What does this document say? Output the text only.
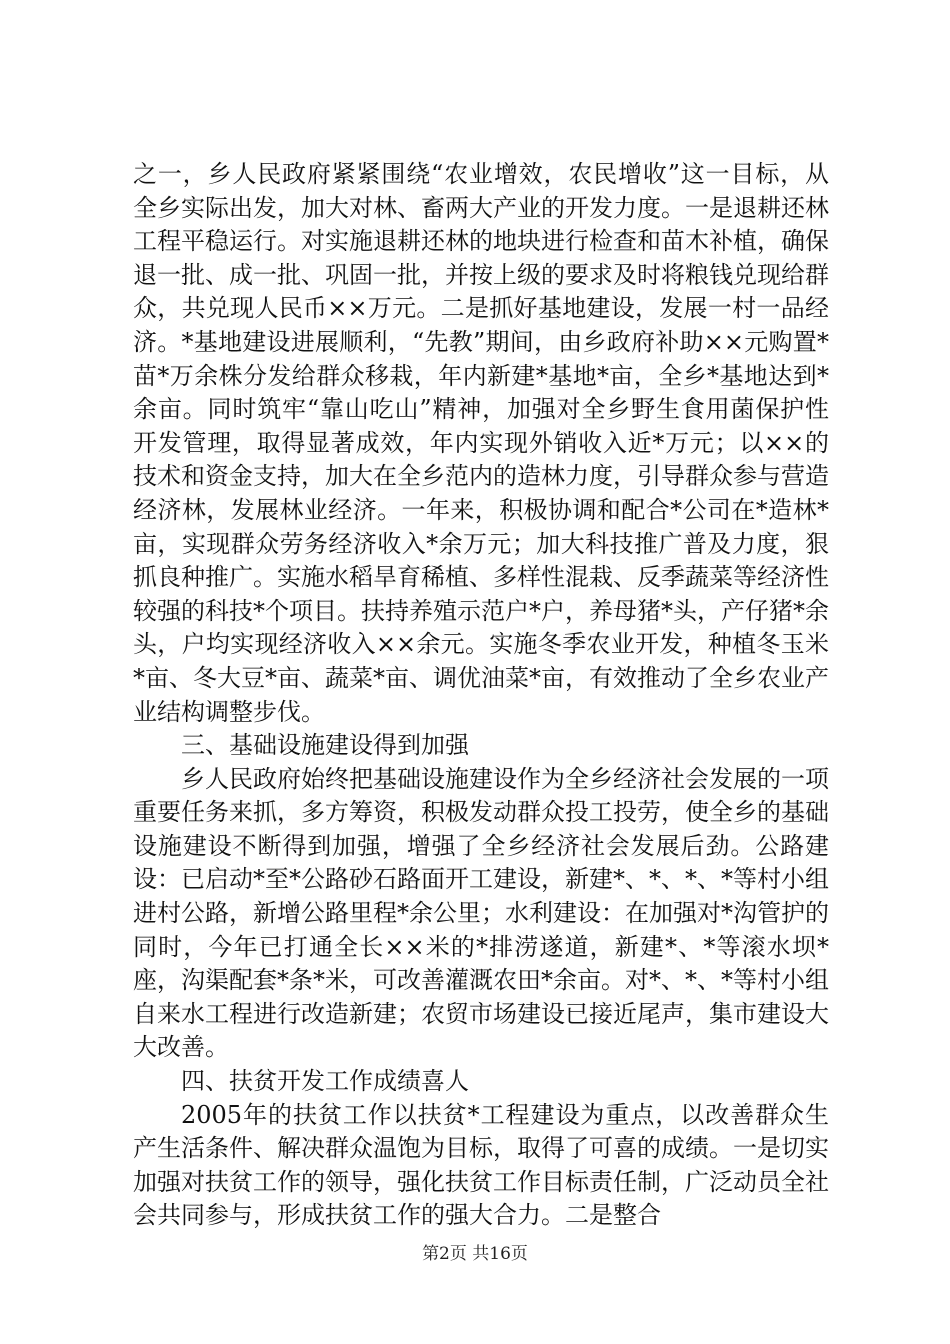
之一，乡人民政府紧紧围绕“农业增效，农民增收”这一目标，从全乡实际出发，加大对林、畜两大产业的开发力度。一是退耕还林工程平稳运行。对实施退耕还林的地块进行检查和苗木补植，确保退一批、成一批、巩固一批，并按上级的要求及时将粮钱兑现给群众，共兑现人民币××万元。二是抓好基地建设，发展一村一品经济。*基地建设进展顺利，“先教”期间，由乡政府补助××元购置*苗*万余株分发给群众移栽，年内新建*基地*亩，全乡*基地达到*余亩。同时筑牢“靠山吃山”精神，加强对全乡野生食用菌保护性开发管理，取得显著成效，年内实现外销收入近*万元；以××的技术和资金支持，加大在全乡范内的造林力度，引导群众参与营造经济林，发展林业经济。一年来，积极协调和配合*公司在*造林*亩，实现群众劳务经济收入*余万元；加大科技推广普及力度，狠抓良种推广。实施水稻旱育稀植、多样性混栽、反季蔬菜等经济性较强的科技*个项目。扶持养殖示范户*户，养母猪*头，产仔猪*余头，户均实现经济收入××余元。实施冬季农业开发，种植冬玉米*亩、冬大豆*亩、蔬菜*亩、调优油菜*亩，有效推动了全乡农业产业结构调整步伐。

三、基础设施建设得到加强

乡人民政府始终把基础设施建设作为全乡经济社会发展的一项重要任务来抓，多方筹资，积极发动群众投工投劳，使全乡的基础设施建设不断得到加强，增强了全乡经济社会发展后劲。公路建设：已启动*至*公路砂石路面开工建设，新建*、*、*、*等村小组进村公路，新增公路里程*余公里；水利建设：在加强对*沟管护的同时，今年已打通全长××米的*排涝遂道，新建*、*等滚水坝*座，沟渠配套*条*米，可改善灌溉农田*余亩。对*、*、*等村小组自来水工程进行改造新建；农贸市场建设已接近尾声，集市建设大大改善。

四、扶贫开发工作成绩喜人

2005年的扶贫工作以扶贫*工程建设为重点，以改善群众生产生活条件、解决群众温饱为目标，取得了可喜的成绩。一是切实加强对扶贫工作的领导，强化扶贫工作目标责任制，广泛动员全社会共同参与，形成扶贫工作的强大合力。二是整合

第2页 共16页
